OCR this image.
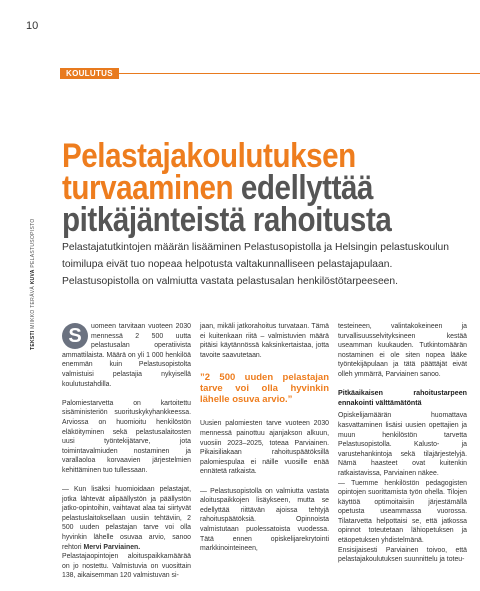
10
KOULUTUS
Pelastajakoulutuksen
turvaaminen edellyttää
pitkäjänteistä rahoitusta
TEKSTI MIIKKO TERÄVÄ KUVA PELASTUSOPISTO	Pelastajatutkintojen määrän lisääminen Pelastusopistolla ja Helsingin pelastuskoulun toimilupa eivät tuo nopeaa helpotusta valtakunnalliseen pelastajapulaan. Pelastusopistolla on valmiutta vastata pelastusalan henkilöstötarpeeseen.

S	uomeen tarvitaan vuoteen 2030 mennessä 2 500 uutta pelastusalan operatiivista ammattilaista. Määrä on yli 1 000 henkilöä enemmän kuin Pelastusopistolta valmistuisi pelastajia nykyisellä koulutustahdilla.

Palomiestarvetta on kartoitettu sisäministeriön suorituskykyhankkeessa. Arviossa on huomioitu henkilöstön eläköityminen sekä pelastusalaitosten uusi työntekijätarve, jota toimintavalmiuden nostaminen ja varallaoloa korvaavien järjestelmien kehittäminen tuo tullessaan.

— Kun lisäksi huomioidaan pelastajat, jotka lähtevät alipäällystön ja päällystön jatko-opintoihin, vaihtavat alaa tai siirtyvät pelastuslaitoksellaan uusiin tehtäviin, 2 500 uuden pelastajan tarve voi olla hyvinkin lähelle osuvaa arvio, sanoo rehtori Mervi Parviainen.

Pelastajaopintojen aloituspaikkamäärää on jo nostettu. Valmistuvia on vuosittain 138, aikaisemman 120 valmistuvan si-

jaan, mikäli jatkorahoitus turvataan. Tämä ei kuitenkaan riitä – valmistuvien määrä pitäisi käytännössä kaksinkertaistaa, jotta tavoite saavutetaan.

”2 500 uuden pelastajan tarve voi olla hyvinkin lähelle osuva arvio.”

Uusien palomiesten tarve vuoteen 2030 mennessä painottuu ajanjakson alkuun, vuosiin 2023–2025, toteaa Parviainen. Pikaisiliakaan rahoituspäätöksillä palomiespulaa ei näille vuosille enää ennätetä ratkaista.

— Pelastusopistolla on valmiutta vastata aloituspaikkojen lisäykseen, mutta se edellyttää riittävän ajoissa tehtyjä rahoituspäätöksiä. Opinnoista valmistutaan puolessatoista vuodessa. Tätä ennen opiskelijarekrytointi markkinointeineen,

testeineen, valintakokeineen ja turvallisuusselvityksineen kestää useamman kuukauden. Tutkintomäärän nostaminen ei ole siten nopea lääke työntekijäpulaan ja tätä päättäjät eivät olleh ymmärrä, Parviainen sanoo.

Pitkäaikaisen rahoitustarpeen ennakointi välttämätöntä

Opiskelijamäärän huomattava kasvattaminen lisäisi uusien opettajien ja muun henkilöstön tarvetta Pelastusopistolla. Kalusto- ja varustehankintoja sekä tilajärjestelyjä. Nämä haasteet ovat kuitenkin ratkaistavissa, Parviainen näkee.

— Tuemme henkilöstön pedagogisten opintojen suorittamista työn ohella. Tilojen käyttöä optimoitaisiin järjestämällä opetusta useammassa vuorossa. Tilatarvetta helpottaisi se, että jatkossa opinnot toteutetaan lähiopetuksen ja etäopetuksen yhdistelmänä.

Ensisijaisesti Parviainen toivoo, että pelastajakoulutuksen suunnittelu ja toteu-
